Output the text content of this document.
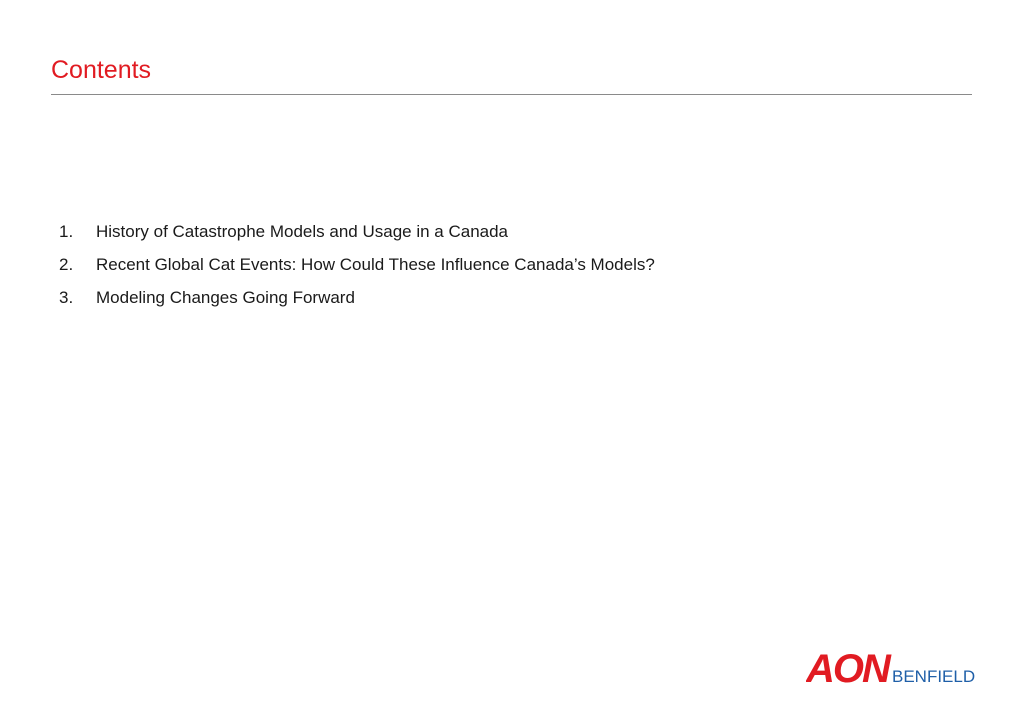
Contents
1.	History of Catastrophe Models and Usage in a Canada
2.	Recent Global Cat Events: How Could These Influence Canada’s Models?
3.	Modeling Changes Going Forward
AON BENFIELD
